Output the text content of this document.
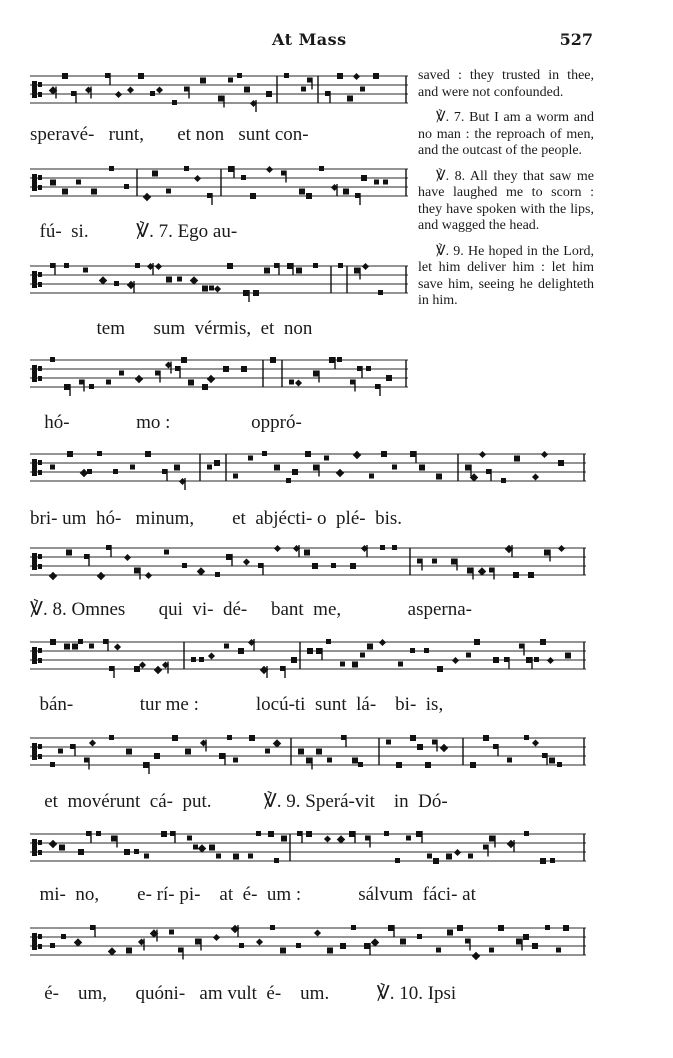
At Mass	527
speravé-   runt,       et non   sunt con-
fú-  si.          ℣. 7. Ego au-
tem      sum  vérmis,  et  non
hó-              mo :                 oppró-
bri- um  hó-   minum,        et  abjécti- o  plé-  bis.
℣. 8. Omnes       qui  vi-  dé-     bant  me,              asperna-
bán-              tur me :            locú-ti  sunt  lá-    bi-  is,
et  movérunt  cá-  put.           ℣. 9. Sperá-vit    in  Dó-
mi-  no,        e- rí- pi-    at  é-  um :            sálvum  fáci- at
é-    um,      quóni-   am vult  é-    um.          ℣. 10. Ipsi

saved : they trusted in thee, and were not confounded.

℣. 7. But I am a worm and no man : the reproach of men, and the outcast of the people.

℣. 8. All they that saw me have laughed me to scorn : they have spoken with the lips, and wagged the head.

℣. 9. He hoped in the Lord, let him deliver him : let him save him, seeing he delighteth in him.
